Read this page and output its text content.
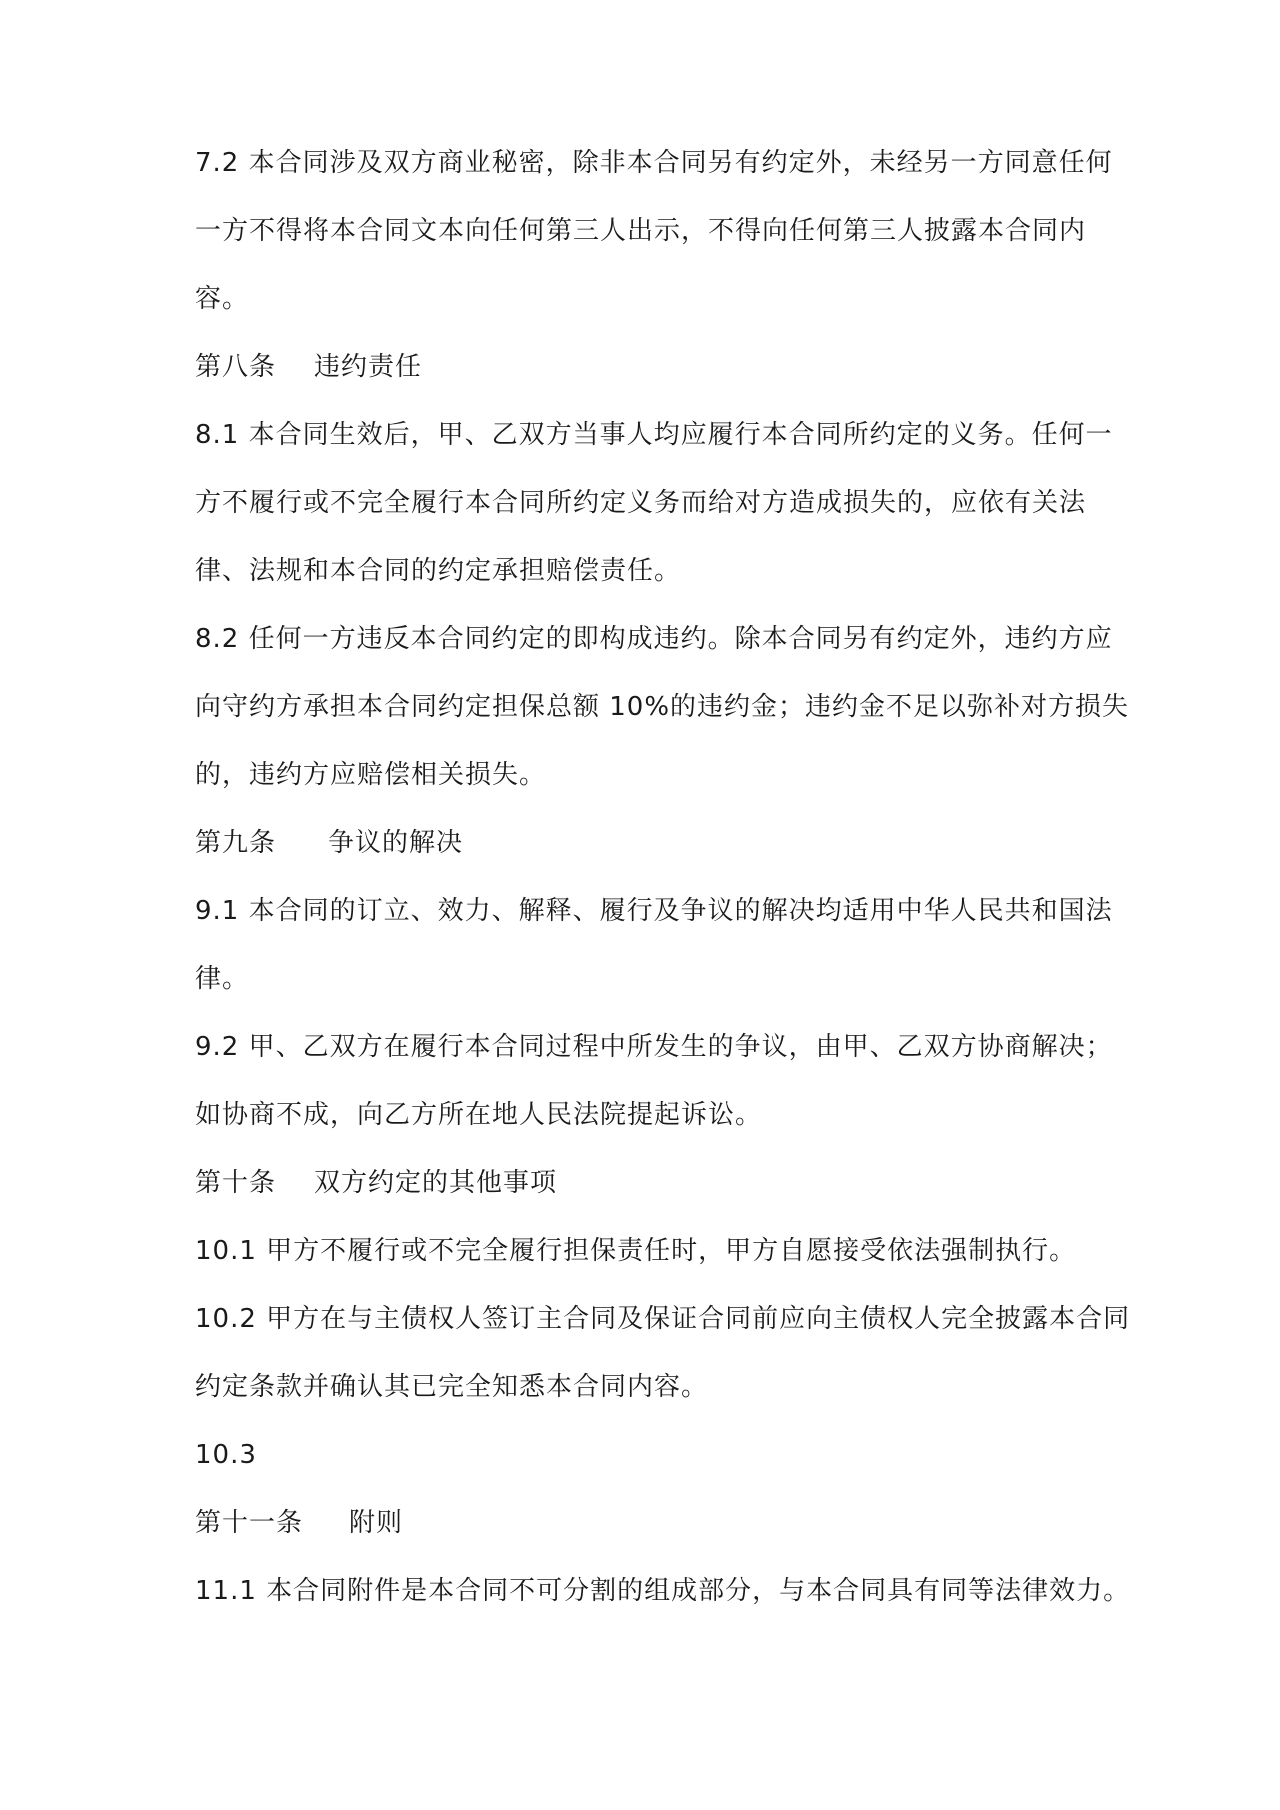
7.2 本合同涉及双方商业秘密，除非本合同另有约定外，未经另一方同意任何
一方不得将本合同文本向任何第三人出示，不得向任何第三人披露本合同内
容。
第八条 违约责任
8.1 本合同生效后，甲、乙双方当事人均应履行本合同所约定的义务。任何一
方不履行或不完全履行本合同所约定义务而给对方造成损失的，应依有关法
律、法规和本合同的约定承担赔偿责任。
8.2 任何一方违反本合同约定的即构成违约。除本合同另有约定外，违约方应
向守约方承担本合同约定担保总额 10%的违约金；违约金不足以弥补对方损失
的，违约方应赔偿相关损失。
第九条 争议的解决
9.1 本合同的订立、效力、解释、履行及争议的解决均适用中华人民共和国法
律。
9.2 甲、乙双方在履行本合同过程中所发生的争议，由甲、乙双方协商解决；
如协商不成，向乙方所在地人民法院提起诉讼。
第十条 双方约定的其他事项
10.1 甲方不履行或不完全履行担保责任时，甲方自愿接受依法强制执行。
10.2 甲方在与主债权人签订主合同及保证合同前应向主债权人完全披露本合同
约定条款并确认其已完全知悉本合同内容。
10.3
第十一条 附则
11.1 本合同附件是本合同不可分割的组成部分，与本合同具有同等法律效力。
